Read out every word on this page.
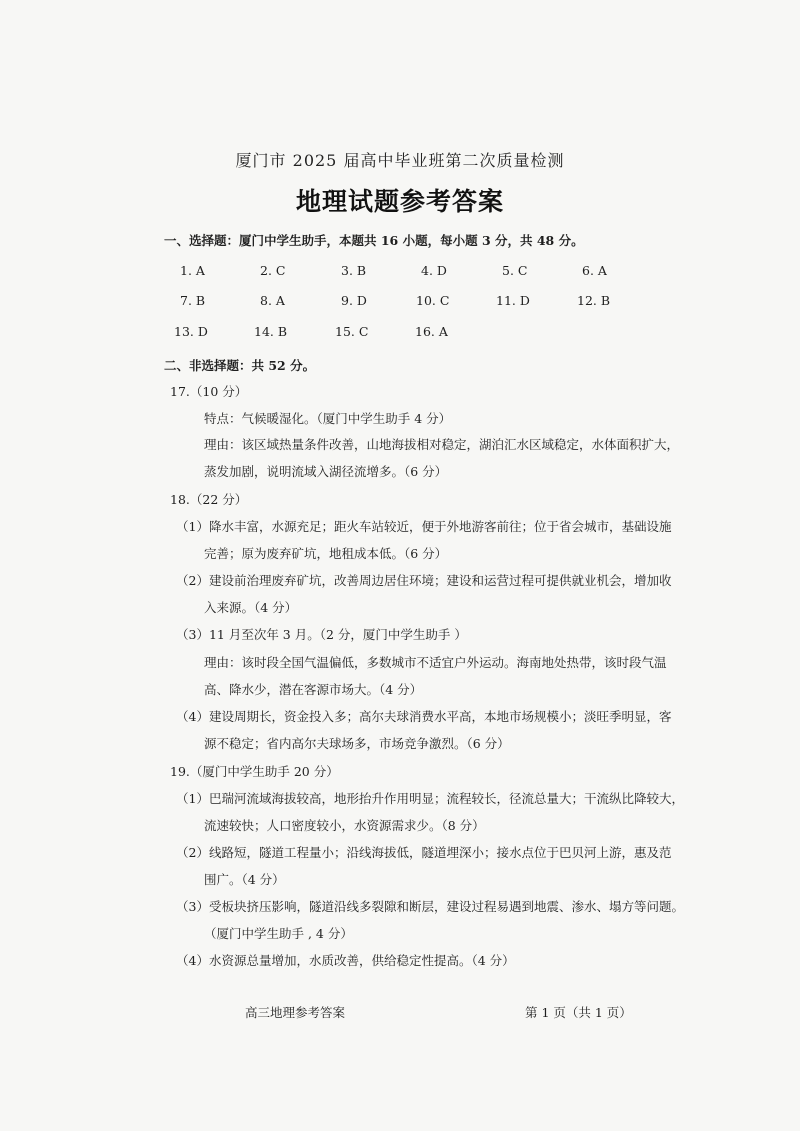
厦门市 2025 届高中毕业班第二次质量检测
地理试题参考答案
一、选择题：厦门中学生助手，本题共 16 小题，每小题 3 分，共 48 分。
1. A	2. C	3. B	4. D	5. C	6. A
7. B	8. A	9. D	10. C	11. D	12. B
13. D	14. B	15. C	16. A
二、非选择题：共 52 分。
17.（10 分）
特点：气候暖湿化。（厦门中学生助手 4 分）
理由：该区域热量条件改善，山地海拔相对稳定，湖泊汇水区域稳定，水体面积扩大，
蒸发加剧，说明流域入湖径流增多。（6 分）
18.（22 分）
（1）降水丰富，水源充足；距火车站较近，便于外地游客前往；位于省会城市，基础设施
完善；原为废弃矿坑，地租成本低。（6 分）
（2）建设前治理废弃矿坑，改善周边居住环境；建设和运营过程可提供就业机会，增加收
入来源。（4 分）
（3）11 月至次年 3 月。（2 分，厦门中学生助手 ）
理由：该时段全国气温偏低，多数城市不适宜户外运动。海南地处热带，该时段气温
高、降水少，潜在客源市场大。（4 分）
（4）建设周期长，资金投入多；高尔夫球消费水平高，本地市场规模小；淡旺季明显，客
源不稳定；省内高尔夫球场多，市场竞争激烈。（6 分）
19.（厦门中学生助手 20 分）
（1）巴瑞河流域海拔较高，地形抬升作用明显；流程较长，径流总量大；干流纵比降较大，
流速较快；人口密度较小，水资源需求少。（8 分）
（2）线路短，隧道工程量小；沿线海拔低，隧道埋深小；接水点位于巴贝河上游，惠及范
围广。（4 分）
（3）受板块挤压影响，隧道沿线多裂隙和断层，建设过程易遇到地震、渗水、塌方等问题。
（厦门中学生助手 , 4 分）
（4）水资源总量增加，水质改善，供给稳定性提高。（4 分）
高三地理参考答案	第 1 页（共 1 页）
